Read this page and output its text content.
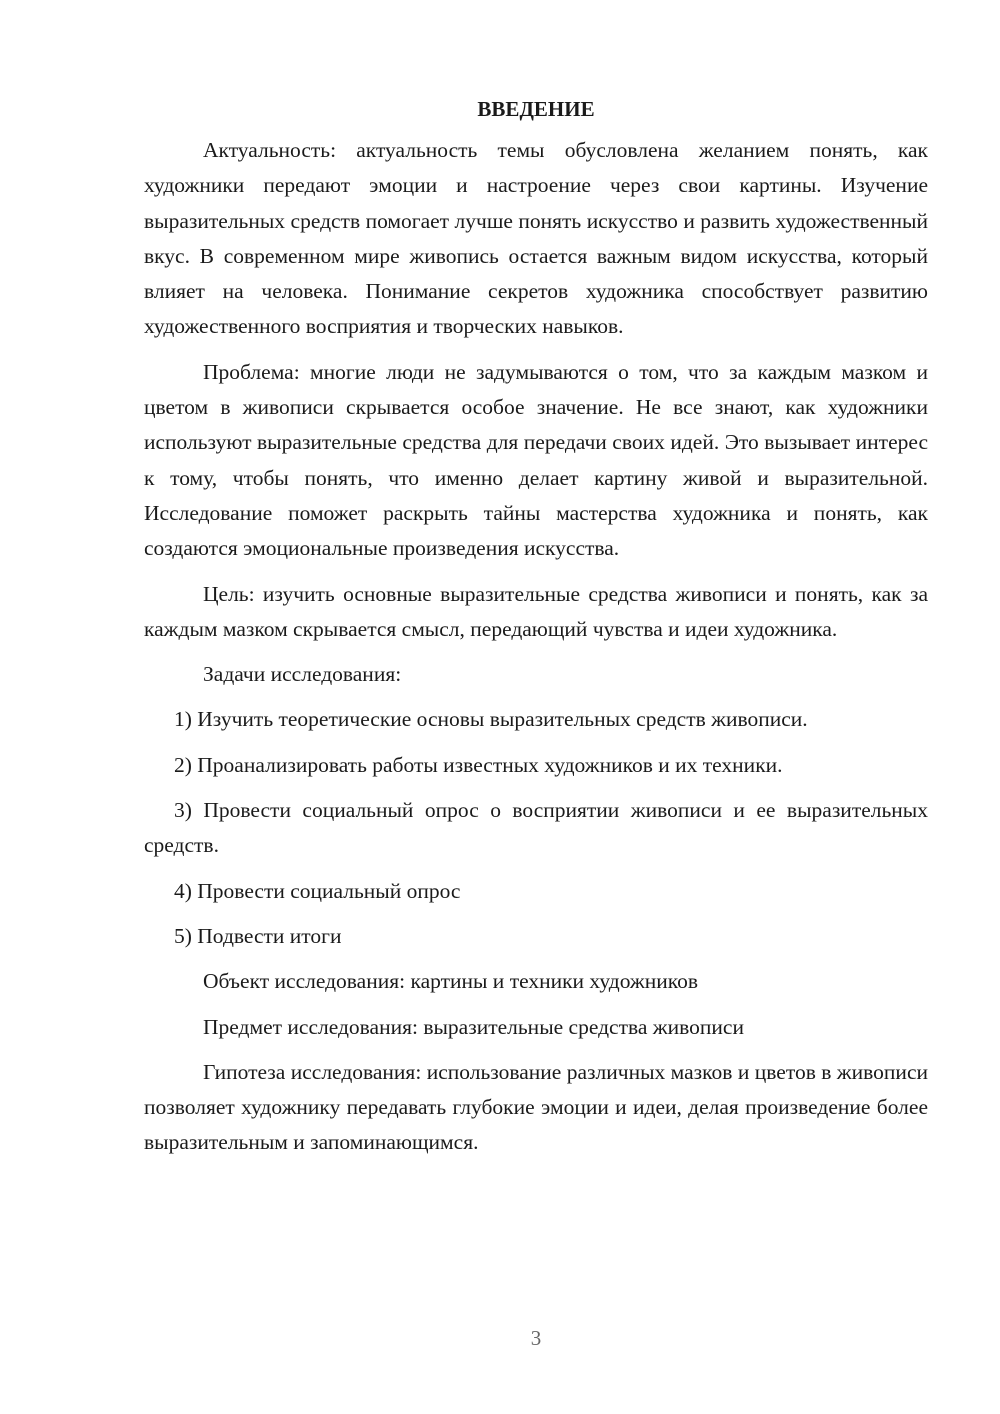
ВВЕДЕНИЕ

Актуальность: актуальность темы обусловлена желанием понять, как художники передают эмоции и настроение через свои картины. Изучение выразительных средств помогает лучше понять искусство и развить художественный вкус. В современном мире живопись остается важным видом искусства, который влияет на человека. Понимание секретов художника способствует развитию художественного восприятия и творческих навыков.

Проблема: многие люди не задумываются о том, что за каждым мазком и цветом в живописи скрывается особое значение. Не все знают, как художники используют выразительные средства для передачи своих идей. Это вызывает интерес к тому, чтобы понять, что именно делает картину живой и выразительной. Исследование поможет раскрыть тайны мастерства художника и понять, как создаются эмоциональные произведения искусства.

Цель: изучить основные выразительные средства живописи и понять, как за каждым мазком скрывается смысл, передающий чувства и идеи художника.

Задачи исследования:

1) Изучить теоретические основы выразительных средств живописи.

2) Проанализировать работы известных художников и их техники.

3) Провести социальный опрос о восприятии живописи и ее выразительных средств.

4) Провести социальный опрос

5) Подвести итоги

Объект исследования: картины и техники художников

Предмет исследования: выразительные средства живописи

Гипотеза исследования: использование различных мазков и цветов в живописи позволяет художнику передавать глубокие эмоции и идеи, делая произведение более выразительным и запоминающимся.

3
